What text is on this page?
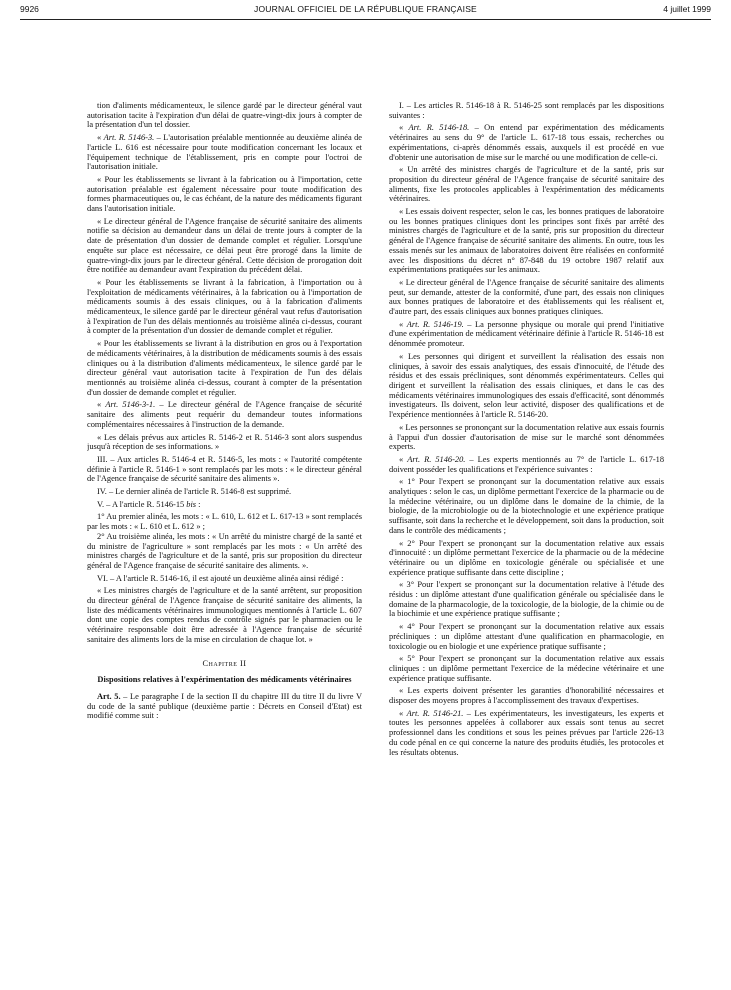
9926	JOURNAL OFFICIEL DE LA RÉPUBLIQUE FRANÇAISE	4 juillet 1999

tion d'aliments médicamenteux, le silence gardé par le directeur général vaut autorisation tacite à l'expiration d'un délai de quatre-vingt-dix jours à compter de la présentation d'un tel dossier.

« Art. R. 5146-3. – L'autorisation préalable mentionnée au deuxième alinéa de l'article L. 616 est nécessaire pour toute modification concernant les locaux et l'équipement technique de l'établissement, pris en compte pour l'octroi de l'autorisation initiale.

« Pour les établissements se livrant à la fabrication ou à l'importation, cette autorisation préalable est également nécessaire pour toute modification des formes pharmaceutiques ou, le cas échéant, de la nature des médicaments figurant dans l'autorisation initiale.

« Le directeur général de l'Agence française de sécurité sanitaire des aliments notifie sa décision au demandeur dans un délai de trente jours à compter de la date de présentation d'un dossier de demande complet et régulier. Lorsqu'une enquête sur place est nécessaire, ce délai peut être prorogé dans la limite de quatre-vingt-dix jours par le directeur général. Cette décision de prorogation doit être notifiée au demandeur avant l'expiration du précédent délai.

« Pour les établissements se livrant à la fabrication, à l'importation ou à l'exploitation de médicaments vétérinaires, à la fabrication ou à l'importation de médicaments soumis à des essais cliniques, ou à la fabrication d'aliments médicamenteux, le silence gardé par le directeur général vaut refus d'autorisation à l'expiration de l'un des délais mentionnés au troisième alinéa ci-dessus, courant à compter de la présentation d'un dossier de demande complet et régulier.

« Pour les établissements se livrant à la distribution en gros ou à l'exportation de médicaments vétérinaires, à la distribution de médicaments soumis à des essais cliniques ou à la distribution d'aliments médicamenteux, le silence gardé par le directeur général vaut autorisation tacite à l'expiration de l'un des délais mentionnés au troisième alinéa ci-dessus, courant à compter de la présentation d'un dossier de demande complet et régulier.

« Art. 5146-3-1. – Le directeur général de l'Agence française de sécurité sanitaire des aliments peut requérir du demandeur toutes informations complémentaires nécessaires à l'instruction de la demande.

« Les délais prévus aux articles R. 5146-2 et R. 5146-3 sont alors suspendus jusqu'à réception de ses informations. »

III. – Aux articles R. 5146-4 et R. 5146-5, les mots : « l'autorité compétente définie à l'article R. 5146-1 » sont remplacés par les mots : « le directeur général de l'Agence française de sécurité sanitaire des aliments ».

IV. – Le dernier alinéa de l'article R. 5146-8 est supprimé.

V. – A l'article R. 5146-15 bis :

1° Au premier alinéa, les mots : « L. 610, L. 612 et L. 617-13 » sont remplacés par les mots : « L. 610 et L. 612 » ;

2° Au troisième alinéa, les mots : « Un arrêté du ministre chargé de la santé et du ministre de l'agriculture » sont remplacés par les mots : « Un arrêté des ministres chargés de l'agriculture et de la santé, pris sur proposition du directeur général de l'Agence française de sécurité sanitaire des aliments. ».

VI. – A l'article R. 5146-16, il est ajouté un deuxième alinéa ainsi rédigé :

« Les ministres chargés de l'agriculture et de la santé arrêtent, sur proposition du directeur général de l'Agence française de sécurité sanitaire des aliments, la liste des médicaments vétérinaires immunologiques mentionnés à l'article L. 607 dont une copie des comptes rendus de contrôle signés par le pharmacien ou le vétérinaire responsable doit être adressée à l'Agence française de sécurité sanitaire des aliments lors de la mise en circulation de chaque lot. »

Chapitre II

Dispositions relatives à l'expérimentation des médicaments vétérinaires

Art. 5. – Le paragraphe I de la section II du chapitre III du titre II du livre V du code de la santé publique (deuxième partie : Décrets en Conseil d'Etat) est modifié comme suit :

I. – Les articles R. 5146-18 à R. 5146-25 sont remplacés par les dispositions suivantes :

« Art. R. 5146-18. – On entend par expérimentation des médicaments vétérinaires au sens du 9° de l'article L. 617-18 tous essais, recherches ou expérimentations, ci-après dénommés essais, auxquels il est procédé en vue d'obtenir une autorisation de mise sur le marché ou une modification de celle-ci.

« Un arrêté des ministres chargés de l'agriculture et de la santé, pris sur proposition du directeur général de l'Agence française de sécurité sanitaire des aliments, fixe les protocoles applicables à l'expérimentation des médicaments vétérinaires.

« Les essais doivent respecter, selon le cas, les bonnes pratiques de laboratoire ou les bonnes pratiques cliniques dont les principes sont fixés par arrêté des ministres chargés de l'agriculture et de la santé, pris sur proposition du directeur général de l'Agence française de sécurité sanitaire des aliments. En outre, tous les essais menés sur les animaux de laboratoires doivent être réalisées en conformité avec les dispositions du décret n° 87-848 du 19 octobre 1987 relatif aux expérimentations pratiquées sur les animaux.

« Le directeur général de l'Agence française de sécurité sanitaire des aliments peut, sur demande, attester de la conformité, d'une part, des essais non cliniques aux bonnes pratiques de laboratoire et des établissements qui les réalisent et, d'autre part, des essais cliniques aux bonnes pratiques cliniques.

« Art. R. 5146-19. – La personne physique ou morale qui prend l'initiative d'une expérimentation de médicament vétérinaire définie à l'article R. 5146-18 est dénommée promoteur.

« Les personnes qui dirigent et surveillent la réalisation des essais non cliniques, à savoir des essais analytiques, des essais d'innocuité, de l'étude des résidus et des essais précliniques, sont dénommés expérimentateurs. Celles qui dirigent et surveillent la réalisation des essais cliniques, et dans le cas des médicaments vétérinaires immunologiques des essais d'efficacité, sont dénommés investigateurs. Ils doivent, selon leur activité, disposer des qualifications et de l'expérience mentionnées à l'article R. 5146-20.

« Les personnes se prononçant sur la documentation relative aux essais fournis à l'appui d'un dossier d'autorisation de mise sur le marché sont dénommées experts.

« Art. R. 5146-20. – Les experts mentionnés au 7° de l'article L. 617-18 doivent posséder les qualifications et l'expérience suivantes :

« 1° Pour l'expert se prononçant sur la documentation relative aux essais analytiques : selon le cas, un diplôme permettant l'exercice de la pharmacie ou de la médecine vétérinaire, ou un diplôme dans le domaine de la chimie, de la biologie, de la microbiologie ou de la biotechnologie et une expérience pratique suffisante, soit dans la recherche et le développement, soit dans la production, soit dans le contrôle des médicaments ;

« 2° Pour l'expert se prononçant sur la documentation relative aux essais d'innocuité : un diplôme permettant l'exercice de la pharmacie ou de la médecine vétérinaire ou un diplôme en toxicologie générale ou spécialisée et une expérience pratique suffisante dans cette discipline ;

« 3° Pour l'expert se prononçant sur la documentation relative à l'étude des résidus : un diplôme attestant d'une qualification générale ou spécialisée dans le domaine de la pharmacologie, de la toxicologie, de la biologie, de la chimie ou de la biochimie et une expérience pratique suffisante ;

« 4° Pour l'expert se prononçant sur la documentation relative aux essais précliniques : un diplôme attestant d'une qualification en pharmacologie, en toxicologie ou en biologie et une expérience pratique suffisante ;

« 5° Pour l'expert se prononçant sur la documentation relative aux essais cliniques : un diplôme permettant l'exercice de la médecine vétérinaire et une expérience pratique suffisante.

« Les experts doivent présenter les garanties d'honorabilité nécessaires et disposer des moyens propres à l'accomplissement des travaux d'expertises.

« Art. R. 5146-21. – Les expérimentateurs, les investigateurs, les experts et toutes les personnes appelées à collaborer aux essais sont tenus au secret professionnel dans les conditions et sous les peines prévues par l'article 226-13 du code pénal en ce qui concerne la nature des produits étudiés, les protocoles et les résultats obtenus.
